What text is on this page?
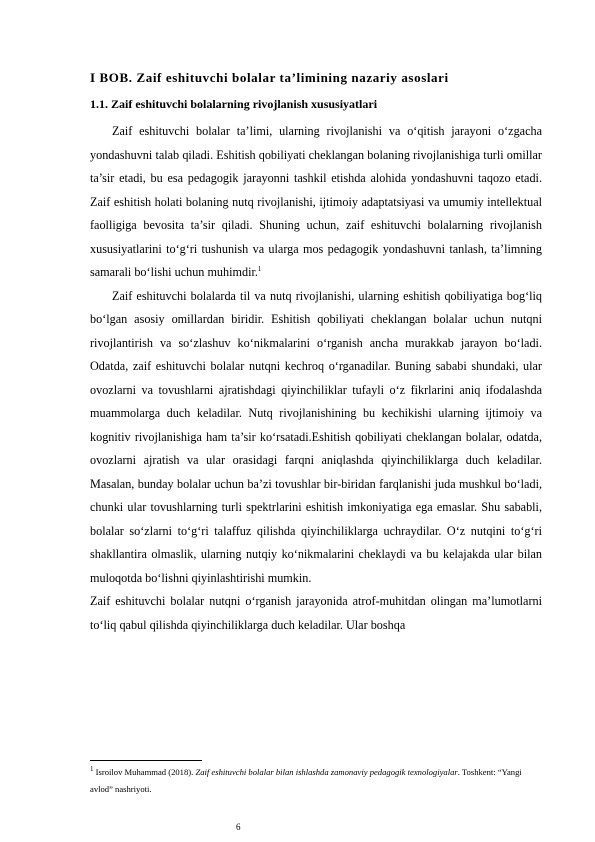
I BOB. Zaif eshituvchi bolalar ta’limining nazariy asoslari
1.1. Zaif eshituvchi bolalarning rivojlanish xususiyatlari

Zaif eshituvchi bolalar ta’limi, ularning rivojlanishi va o‘qitish jarayoni o‘zgacha yondashuvni talab qiladi. Eshitish qobiliyati cheklangan bolaning rivojlanishiga turli omillar ta’sir etadi, bu esa pedagogik jarayonni tashkil etishda alohida yondashuvni taqozo etadi. Zaif eshitish holati bolaning nutq rivojlanishi, ijtimoiy adaptatsiyasi va umumiy intellektual faolligiga bevosita ta’sir qiladi. Shuning uchun, zaif eshituvchi bolalarning rivojlanish xususiyatlarini to‘g‘ri tushunish va ularga mos pedagogik yondashuvni tanlash, ta’limning samarali bo‘lishi uchun muhimdir.$^1$

Zaif eshituvchi bolalarda til va nutq rivojlanishi, ularning eshitish qobiliyatiga bog‘liq bo‘lgan asosiy omillardan biridir. Eshitish qobiliyati cheklangan bolalar uchun nutqni rivojlantirish va so‘zlashuv ko‘nikmalarini o‘rganish ancha murakkab jarayon bo‘ladi. Odatda, zaif eshituvchi bolalar nutqni kechroq o‘rganadilar. Buning sababi shundaki, ular ovozlarni va tovushlarni ajratishdagi qiyinchiliklar tufayli o‘z fikrlarini aniq ifodalashda muammolarga duch keladilar. Nutq rivojlanishining bu kechikishi ularning ijtimoiy va kognitiv rivojlanishiga ham ta’sir ko‘rsatadi.Eshitish qobiliyati cheklangan bolalar, odatda, ovozlarni ajratish va ular orasidagi farqni aniqlashda qiyinchiliklarga duch keladilar. Masalan, bunday bolalar uchun ba’zi tovushlar bir-biridan farqlanishi juda mushkul bo‘ladi, chunki ular tovushlarning turli spektrlarini eshitish imkoniyatiga ega emaslar. Shu sababli, bolalar so‘zlarni to‘g‘ri talaffuz qilishda qiyinchiliklarga uchraydilar. O‘z nutqini to‘g‘ri shakllantira olmaslik, ularning nutqiy ko‘nikmalarini cheklaydi va bu kelajakda ular bilan muloqotda bo‘lishni qiyinlashtirishi mumkin.

Zaif eshituvchi bolalar nutqni o‘rganish jarayonida atrof-muhitdan olingan ma’lumotlarni to‘liq qabul qilishda qiyinchiliklarga duch keladilar. Ular boshqa

$^1$ Isroilov Muhammad (2018). Zaif eshituvchi bolalar bilan ishlashda zamonaviy pedagogik texnologiyalar. Toshkent: “Yangi avlod” nashriyoti.
6
